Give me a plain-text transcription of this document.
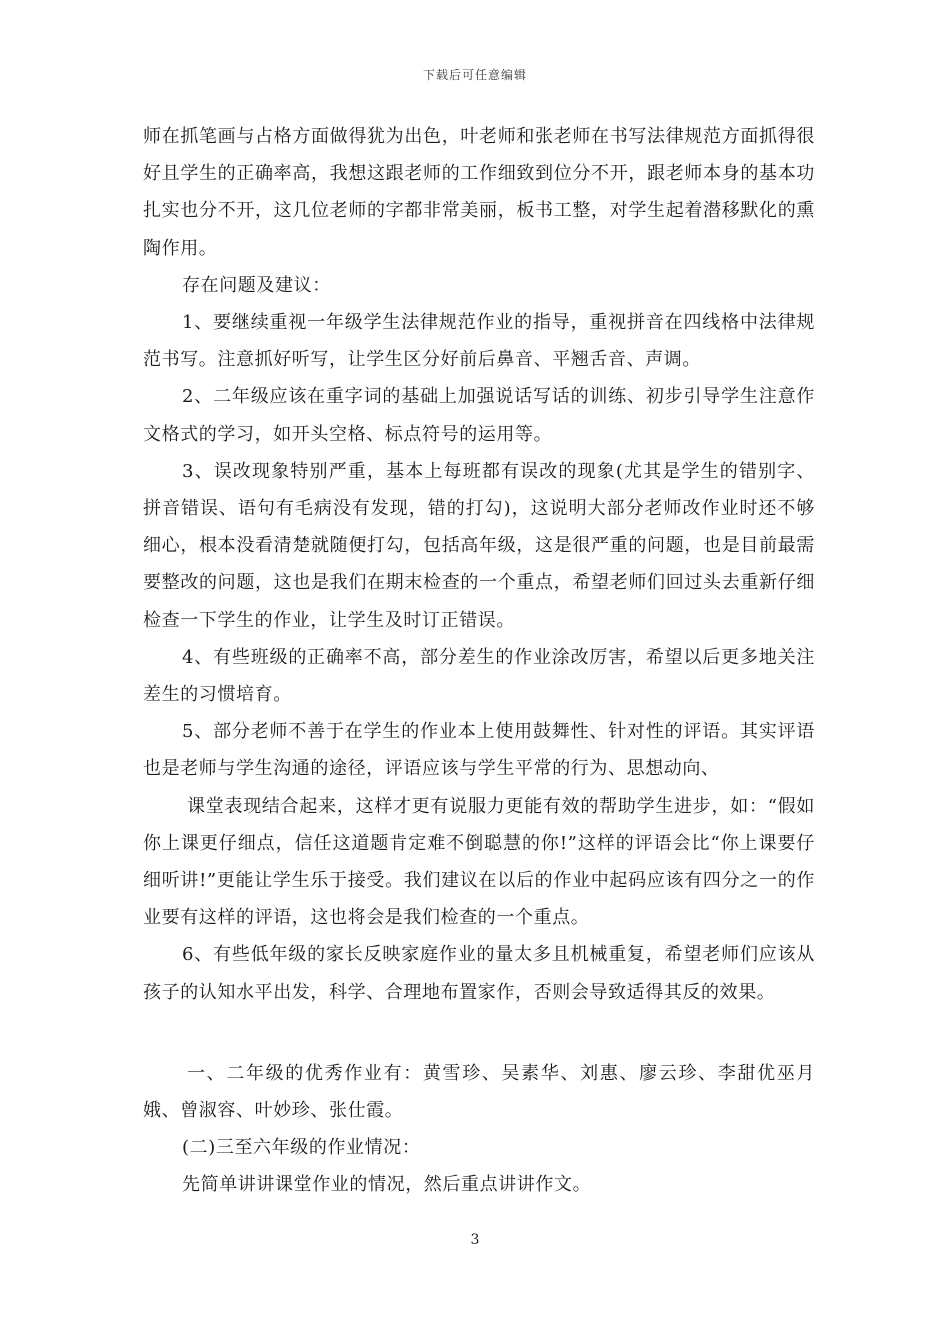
下载后可任意编辑

师在抓笔画与占格方面做得犹为出色，叶老师和张老师在书写法律规范方面抓得很好且学生的正确率高，我想这跟老师的工作细致到位分不开，跟老师本身的基本功扎实也分不开，这几位老师的字都非常美丽，板书工整，对学生起着潜移默化的熏陶作用。

存在问题及建议：

1、要继续重视一年级学生法律规范作业的指导，重视拼音在四线格中法律规范书写。注意抓好听写，让学生区分好前后鼻音、平翘舌音、声调。

2、二年级应该在重字词的基础上加强说话写话的训练、初步引导学生注意作文格式的学习，如开头空格、标点符号的运用等。

3、误改现象特别严重，基本上每班都有误改的现象(尤其是学生的错别字、拼音错误、语句有毛病没有发现，错的打勾)，这说明大部分老师改作业时还不够细心，根本没看清楚就随便打勾，包括高年级，这是很严重的问题，也是目前最需要整改的问题，这也是我们在期末检查的一个重点，希望老师们回过头去重新仔细检查一下学生的作业，让学生及时订正错误。

4、有些班级的正确率不高，部分差生的作业涂改厉害，希望以后更多地关注差生的习惯培育。

5、部分老师不善于在学生的作业本上使用鼓舞性、针对性的评语。其实评语也是老师与学生沟通的途径，评语应该与学生平常的行为、思想动向、

课堂表现结合起来，这样才更有说服力更能有效的帮助学生进步，如：“假如你上课更仔细点，信任这道题肯定难不倒聪慧的你!”这样的评语会比“你上课要仔细听讲!”更能让学生乐于接受。我们建议在以后的作业中起码应该有四分之一的作业要有这样的评语，这也将会是我们检查的一个重点。

6、有些低年级的家长反映家庭作业的量太多且机械重复，希望老师们应该从孩子的认知水平出发，科学、合理地布置家作，否则会导致适得其反的效果。

一、二年级的优秀作业有：黄雪珍、吴素华、刘惠、廖云珍、李甜优巫月娥、曾淑容、叶妙珍、张仕霞。

(二)三至六年级的作业情况：

先简单讲讲课堂作业的情况，然后重点讲讲作文。

3
